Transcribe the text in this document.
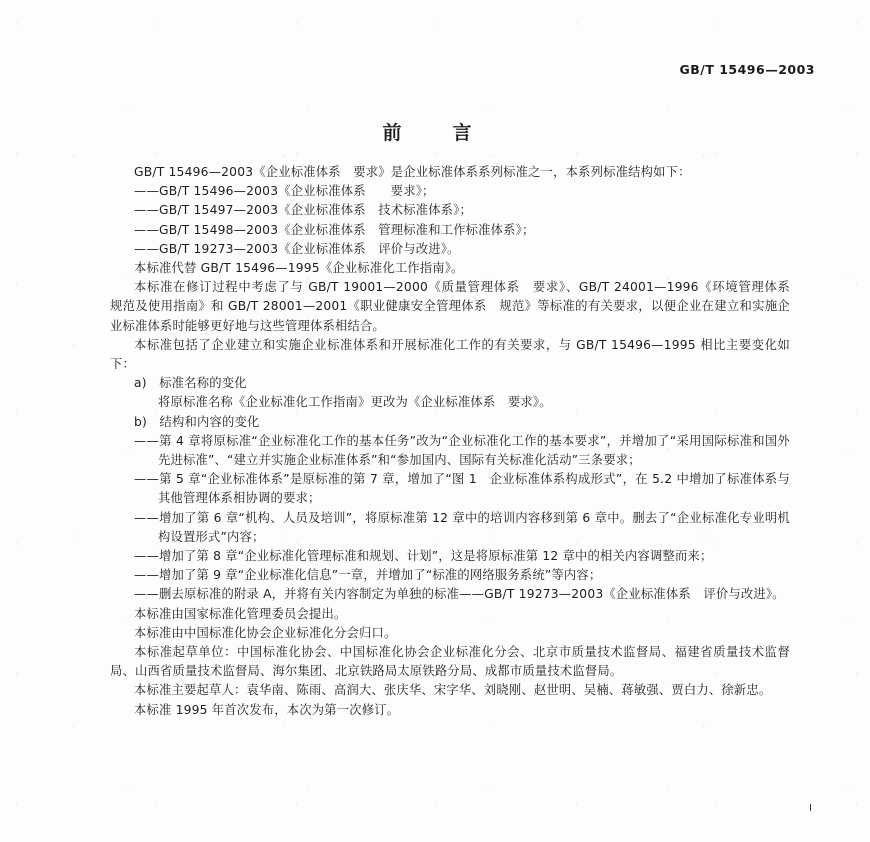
GB/T 15496—2003
前　言

GB/T 15496—2003《企业标准体系　要求》是企业标准体系系列标准之一，本系列标准结构如下：

——GB/T 15496—2003《企业标准体系　　要求》；

——GB/T 15497—2003《企业标准体系　技术标准体系》；

——GB/T 15498—2003《企业标准体系　管理标准和工作标准体系》；

——GB/T 19273—2003《企业标准体系　评价与改进》。

本标准代替 GB/T 15496—1995《企业标准化工作指南》。

本标准在修订过程中考虑了与 GB/T 19001—2000《质量管理体系　要求》、GB/T 24001—1996《环境管理体系　规范及使用指南》和 GB/T 28001—2001《职业健康安全管理体系　规范》等标准的有关要求，以便企业在建立和实施企业标准体系时能够更好地与这些管理体系相结合。

本标准包括了企业建立和实施企业标准体系和开展标准化工作的有关要求，与 GB/T 15496—1995 相比主要变化如下：

a)　标准名称的变化

将原标准名称《企业标准化工作指南》更改为《企业标准体系　要求》。

b)　结构和内容的变化

——第 4 章将原标准“企业标准化工作的基本任务”改为“企业标准化工作的基本要求”，并增加了“采用国际标准和国外先进标准”、“建立并实施企业标准体系”和“参加国内、国际有关标准化活动”三条要求；

——第 5 章“企业标准体系”是原标准的第 7 章，增加了“图 1　企业标准体系构成形式”，在 5.2 中增加了标准体系与其他管理体系相协调的要求；

——增加了第 6 章“机构、人员及培训”，将原标准第 12 章中的培训内容移到第 6 章中。删去了“企业标准化专业明机构设置形式”内容；

——增加了第 8 章“企业标准化管理标准和规划、计划”，这是将原标准第 12 章中的相关内容调整而来；

——增加了第 9 章“企业标准化信息”一章，并增加了“标准的网络服务系统”等内容；

——删去原标准的附录 A，并将有关内容制定为单独的标准——GB/T 19273—2003《企业标准体系　评价与改进》。

本标准由国家标准化管理委员会提出。

本标准由中国标准化协会企业标准化分会归口。

本标准起草单位：中国标准化协会、中国标准化协会企业标准化分会、北京市质量技术监督局、福建省质量技术监督局、山西省质量技术监督局、海尔集团、北京铁路局太原铁路分局、成都市质量技术监督局。

本标准主要起草人：袁华南、陈雨、高润大、张庆华、宋字华、刘晓刚、赵世明、吴楠、蒋敏强、贾白力、徐新忠。

本标准 1995 年首次发布，本次为第一次修订。

I
